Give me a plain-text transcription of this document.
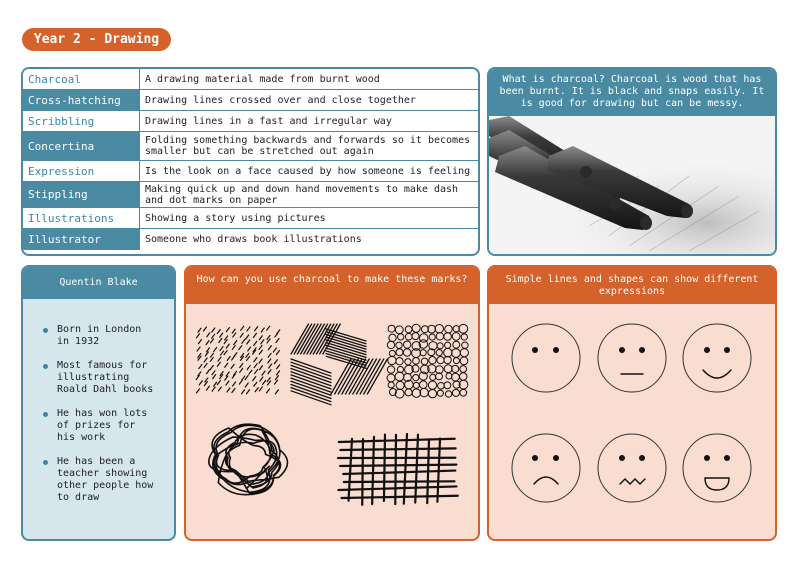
Year 2 - Drawing
Charcoal	A drawing material made from burnt wood
Cross-hatching	Drawing lines crossed over and close together
Scribbling	Drawing lines in a fast and irregular way
Concertina	Folding something backwards and forwards so it becomes smaller but can be stretched out again
Expression	Is the look on a face caused by how someone is feeling
Stippling	Making quick up and down hand movements to make dash and dot marks on paper
Illustrations	Showing a story using pictures
Illustrator	Someone who draws book illustrations
What is charcoal? Charcoal is wood that has been burnt. It is black and snaps easily. It is good for drawing but can be messy.
Quentin Blake
Born in London in 1932
Most famous for illustrating Roald Dahl books
He has won lots of prizes for his work
He has been a teacher showing other people how to draw
How can you use charcoal to make these marks?	Simple lines and shapes can show different expressions
